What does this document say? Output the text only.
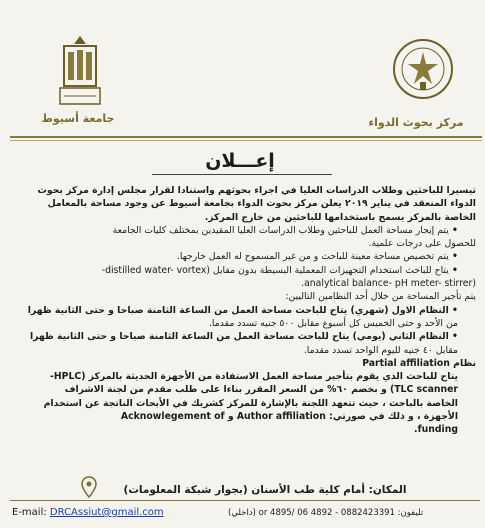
جامعة أسيوط	مركز بحوث الدواء
إعـــلان

تيسيرا للباحثين وطلاب الدراسات العليا في اجراء بحوثهم واستنادا لقرار مجلس إدارة مركز بحوث

الدواء المنعقد في يناير ٢٠١٩ يعلن مركز بحوث الدواء بجامعة أسيوط عن وجود مساحة بالمعامل

الخاصة بالمركز يسمح باستخدامها للباحثين من خارج المركز.

• يتم إيجار مساحة العمل للباحثين وطلاب الدراسات العليا المقيدين بمختلف كليات الجامعة

للحصول على درجات علمية.

• يتم تخصيص مساحة معينة للباحث و من غير المسموح له العمل خارجها.

• يتاح للباحث استخدام التجهيزات المعملية البسيطة بدون مقابل (distilled water- vortex-

(analytical balance- pH meter- stirrer.

يتم تأجير المساحة من خلال أحد النظامين التاليين:

• النظام الاول (شهري) يتاح للباحث مساحة العمل من الساعة الثامنة صباحا و حتى الثانية ظهرا

من الأحد و حتى الخميس كل أسبوع مقابل ٥٠٠ جنيه تسدد مقدما.

• النظام الثاني (يومي) يتاح للباحث مساحة العمل من الساعة الثامنة صباحا و حتى الثانية ظهرا

مقابل ٤٠ جنيه لليوم الواحد تسدد مقدما.

نظام Partial affiliation

يتاح للباحث الذي يقوم بتأجير مساحة العمل الاستفادة من الأجهزة الحديثة بالمركز (HPLC-

TLC scanner) و بخصم ٦٠% من السعر المقرر بناءا على طلب مقدم من لجنة الاشراف

الخاصة بالباحث ، حيث تتعهد اللجنة بالإشارة للمركز كشريك في الأبحاث الناتجة عن استخدام

الأجهزة ، و ذلك في صورتي: Author affiliation و Acknowlegement of

funding.

المكان: أمام كلية طب الأسنان (بجوار شبكة المعلومات)
E-mail: DRCAssiut@gmail.com	تليفون: 0882423391 - 4892 or 4895/ 06 (داخلي)
